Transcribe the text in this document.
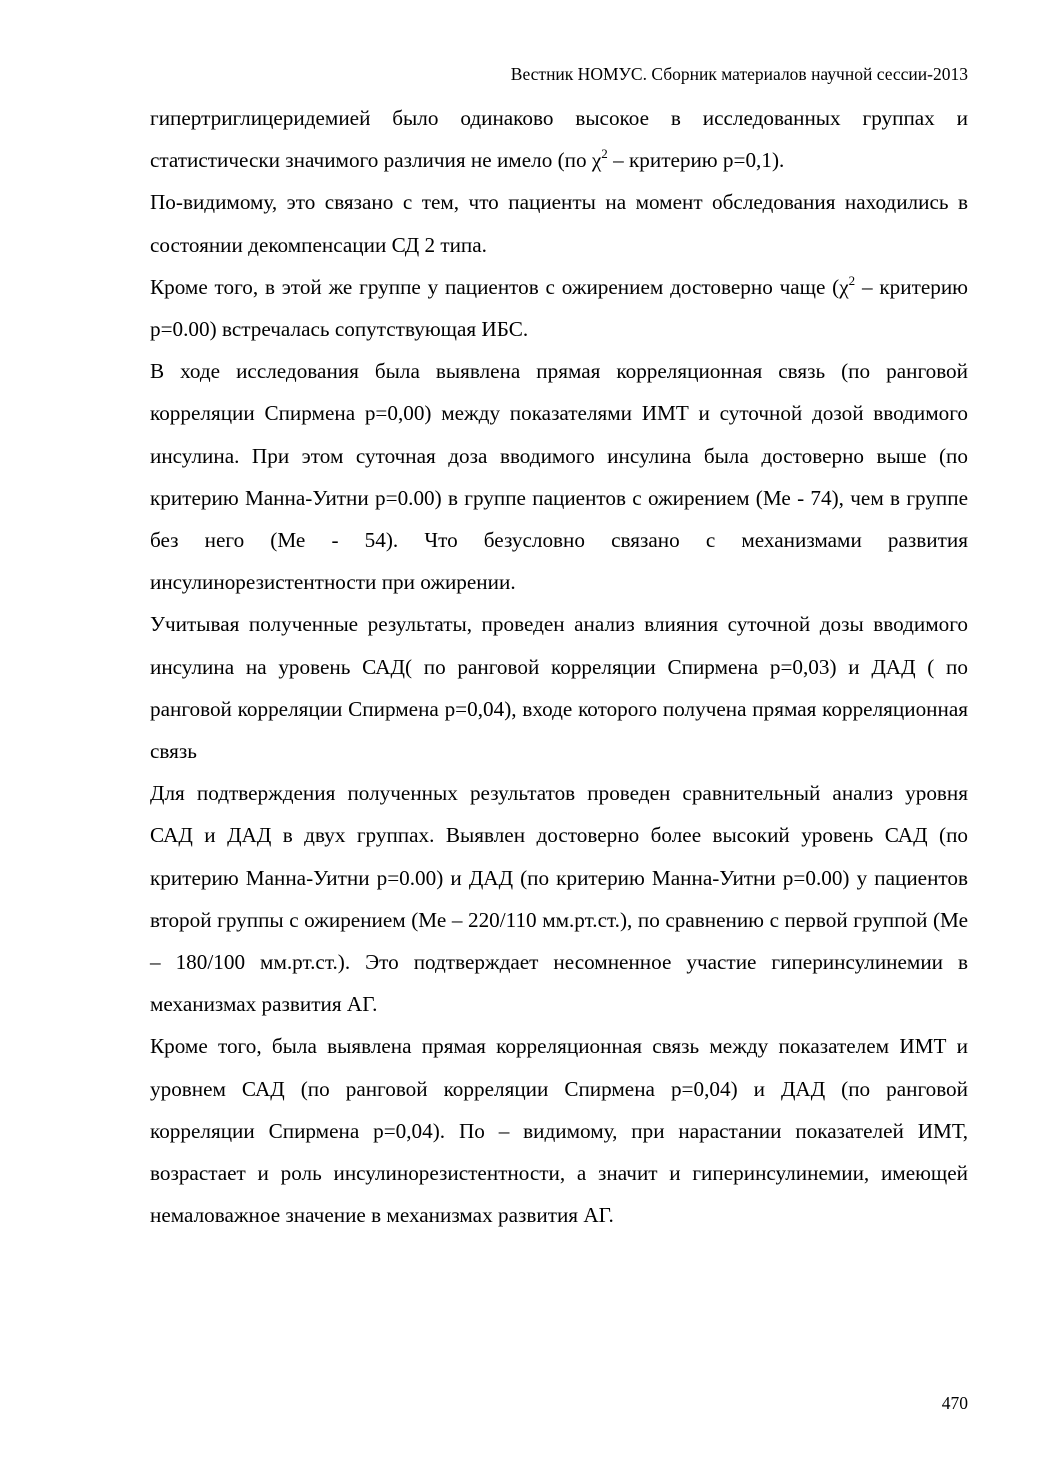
Вестник НОМУС. Сборник материалов научной сессии-2013

гипертриглицеридемией было одинаково высокое в исследованных группах и статистически значимого различия не имело (по $\chi^2$ – критерию p=0,1).

По-видимому, это связано с тем, что пациенты на момент обследования находились в состоянии декомпенсации СД 2 типа.

Кроме того, в этой же группе у пациентов с ожирением достоверно чаще ($\chi^2$ – критерию p=0.00) встречалась сопутствующая ИБС.

В ходе исследования была выявлена прямая корреляционная связь (по ранговой корреляции Спирмена p=0,00) между показателями ИМТ и суточной дозой вводимого инсулина. При этом суточная доза вводимого инсулина была достоверно выше (по критерию Манна-Уитни p=0.00) в группе пациентов с ожирением (Ме - 74), чем в группе без него (Ме - 54). Что безусловно связано с механизмами развития инсулинорезистентности при ожирении.

Учитывая полученные результаты, проведен анализ влияния суточной дозы вводимого инсулина на уровень САД( по ранговой корреляции Спирмена p=0,03) и ДАД ( по ранговой корреляции Спирмена p=0,04), входе которого получена прямая корреляционная связь

Для подтверждения полученных результатов проведен сравнительный анализ уровня САД и ДАД в двух группах. Выявлен достоверно более высокий уровень САД (по критерию Манна-Уитни p=0.00) и ДАД (по критерию Манна-Уитни p=0.00) у пациентов второй группы с ожирением (Ме – 220/110 мм.рт.ст.), по сравнению с первой группой (Ме – 180/100 мм.рт.ст.). Это подтверждает несомненное участие гиперинсулинемии в механизмах развития АГ.

Кроме того, была выявлена прямая корреляционная связь между показателем ИМТ и уровнем САД (по ранговой корреляции Спирмена p=0,04) и ДАД (по ранговой корреляции Спирмена p=0,04). По – видимому, при нарастании показателей ИМТ, возрастает и роль инсулинорезистентности, а значит и гиперинсулинемии, имеющей немаловажное значение в механизмах развития АГ.

470
